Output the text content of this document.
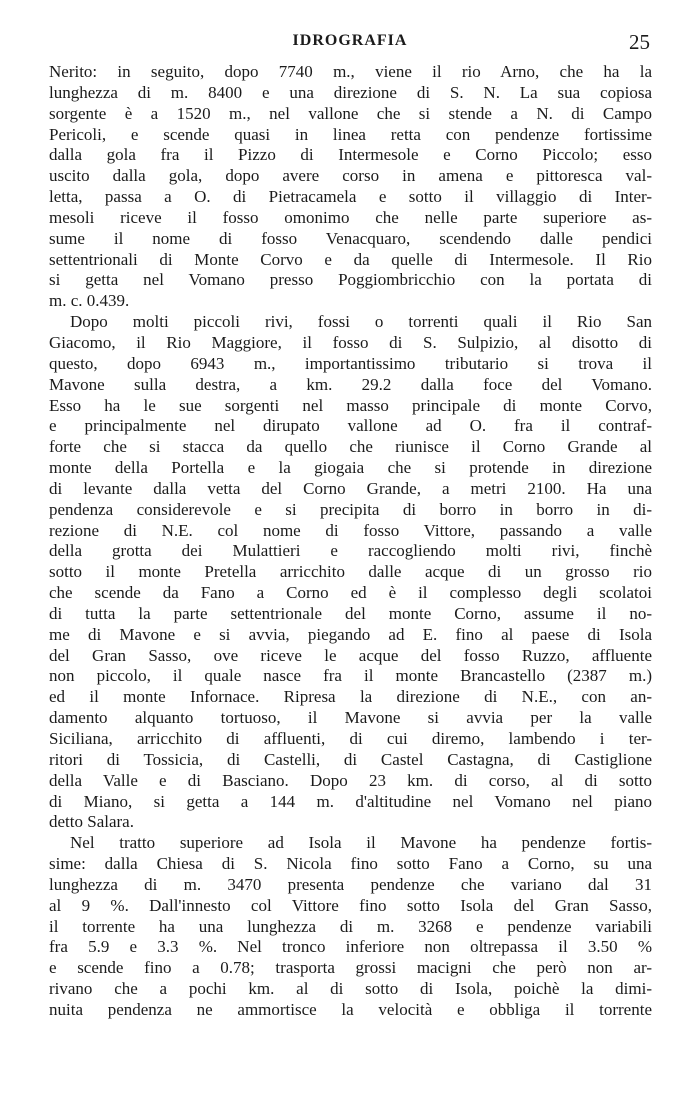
IDROGRAFIA	25
Nerito: in seguito, dopo 7740 m., viene il rio Arno, che ha la
lunghezza di m. 8400 e una direzione di S. N. La sua copiosa
sorgente è a 1520 m., nel vallone che si stende a N. di Campo
Pericoli, e scende quasi in linea retta con pendenze fortissime
dalla gola fra il Pizzo di Intermesole e Corno Piccolo; esso
uscito dalla gola, dopo avere corso in amena e pittoresca val-
letta, passa a O. di Pietracamela e sotto il villaggio di Inter-
mesoli riceve il fosso omonimo che nelle parte superiore as-
sume il nome di fosso Venacquaro, scendendo dalle pendici
settentrionali di Monte Corvo e da quelle di Intermesole. Il Rio
si getta nel Vomano presso Poggiombricchio con la portata di
m. c. 0.439.
Dopo molti piccoli rivi, fossi o torrenti quali il Rio San
Giacomo, il Rio Maggiore, il fosso di S. Sulpizio, al disotto di
questo, dopo 6943 m., importantissimo tributario si trova il
Mavone sulla destra, a km. 29.2 dalla foce del Vomano.
Esso ha le sue sorgenti nel masso principale di monte Corvo,
e principalmente nel dirupato vallone ad O. fra il contraf-
forte che si stacca da quello che riunisce il Corno Grande al
monte della Portella e la giogaia che si protende in direzione
di levante dalla vetta del Corno Grande, a metri 2100. Ha una
pendenza considerevole e si precipita di borro in borro in di-
rezione di N.E. col nome di fosso Vittore, passando a valle
della grotta dei Mulattieri e raccogliendo molti rivi, finchè
sotto il monte Pretella arricchito dalle acque di un grosso rio
che scende da Fano a Corno ed è il complesso degli scolatoi
di tutta la parte settentrionale del monte Corno, assume il no-
me di Mavone e si avvia, piegando ad E. fino al paese di Isola
del Gran Sasso, ove riceve le acque del fosso Ruzzo, affluente
non piccolo, il quale nasce fra il monte Brancastello (2387 m.)
ed il monte Infornace. Ripresa la direzione di N.E., con an-
damento alquanto tortuoso, il Mavone si avvia per la valle
Siciliana, arricchito di affluenti, di cui diremo, lambendo i ter-
ritori di Tossicia, di Castelli, di Castel Castagna, di Castiglione
della Valle e di Basciano. Dopo 23 km. di corso, al di sotto
di Miano, si getta a 144 m. d'altitudine nel Vomano nel piano
detto Salara.
Nel tratto superiore ad Isola il Mavone ha pendenze fortis-
sime: dalla Chiesa di S. Nicola fino sotto Fano a Corno, su una
lunghezza di m. 3470 presenta pendenze che variano dal 31
al 9 %. Dall'innesto col Vittore fino sotto Isola del Gran Sasso,
il torrente ha una lunghezza di m. 3268 e pendenze variabili
fra 5.9 e 3.3 %. Nel tronco inferiore non oltrepassa il 3.50 %
e scende fino a 0.78; trasporta grossi macigni che però non ar-
rivano che a pochi km. al di sotto di Isola, poichè la dimi-
nuita pendenza ne ammortisce la velocità e obbliga il torrente
